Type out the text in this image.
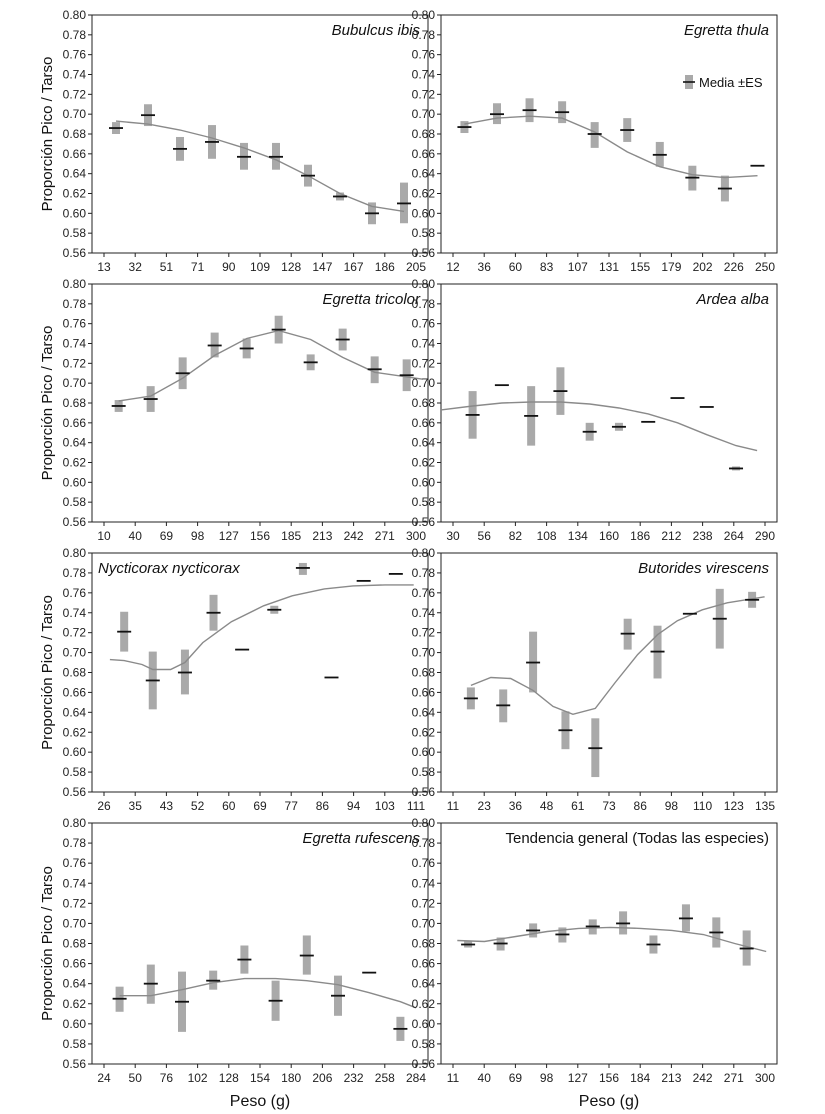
0.56
0.58
0.60
0.62
0.64
0.66
0.68
0.70
0.72
0.74
0.76
0.78
0.80
13 32 51 71 90 109 128 147 167 186 205
Bubulcus ibis
Proporción Pico / Tarso
0.56
0.58
0.60
0.62
0.64
0.66
0.68
0.70
0.72
0.74
0.76
0.78
0.80
12 36 60 83 107 131 155 179 202 226 250
Egretta thula
Media ±ES
0.56
0.58
0.60
0.62
0.64
0.66
0.68
0.70
0.72
0.74
0.76
0.78
0.80
10 40 69 98 127 156 185 213 242 271 300
Egretta tricolor
Proporción Pico / Tarso
0.56
0.58
0.60
0.62
0.64
0.66
0.68
0.70
0.72
0.74
0.76
0.78
0.80
30 56 82 108 134 160 186 212 238 264 290
Ardea alba
0.56
0.58
0.60
0.62
0.64
0.66
0.68
0.70
0.72
0.74
0.76
0.78
0.80
26 35 43 52 60 69 77 86 94 103 111
Nycticorax nycticorax
Proporción Pico / Tarso
0.56
0.58
0.60
0.62
0.64
0.66
0.68
0.70
0.72
0.74
0.76
0.78
0.80
11 23 36 48 61 73 86 98 110 123 135
Butorides virescens
0.56
0.58
0.60
0.62
0.64
0.66
0.68
0.70
0.72
0.74
0.76
0.78
0.80
24 50 76 102 128 154 180 206 232 258 284
Egretta rufescens
Proporción Pico / Tarso
Peso (g)
0.56
0.58
0.60
0.62
0.64
0.66
0.68
0.70
0.72
0.74
0.76
0.78
0.80
11 40 69 98 127 156 184 213 242 271 300
Tendencia general (Todas las especies)
Peso (g)
